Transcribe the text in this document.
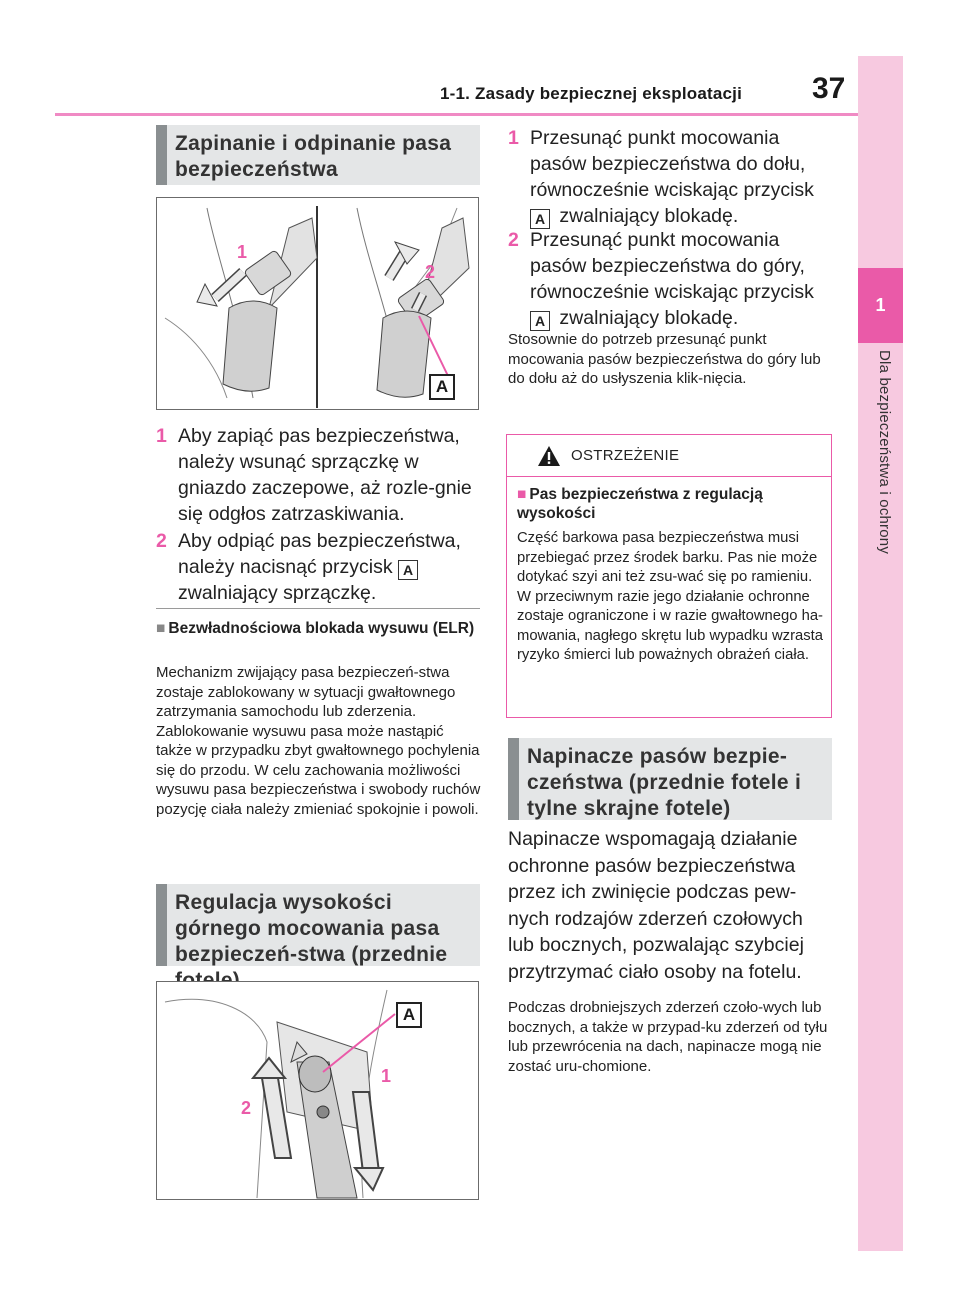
1-1. Zasady bezpiecznej eksploatacji 37
1
Dla bezpieczeństwa i ochrony
Zapinanie i odpinanie pasa bezpieczeństwa
1
2
A
1 Aby zapiąć pas bezpieczeństwa, należy wsunąć sprzączkę w gniazdo zaczepowe, aż rozle-gnie się odgłos zatrzaskiwania.
2 Aby odpiąć pas bezpieczeństwa, należy nacisnąć przycisk A
zwalniający sprzączkę.
■ Bezwładnościowa blokada wysuwu (ELR)
Mechanizm zwijający pasa bezpieczeń-stwa zostaje zablokowany w sytuacji gwałtownego zatrzymania samochodu lub zderzenia. Zablokowanie wysuwu pasa może nastąpić także w przypadku zbyt gwałtownego pochylenia się do przodu. W celu zachowania możliwości wysuwu pasa bezpieczeństwa i swobody ruchów pozycję ciała należy zmieniać spokojnie i powoli.
Regulacja wysokości górnego mocowania pasa bezpieczeń-stwa (przednie
2
1
A
1 Przesunąć punkt mocowania pasów bezpieczeństwa do dołu, równocześnie wciskając przycisk
A zwalniający blokadę.
2 Przesunąć punkt mocowania pasów bezpieczeństwa do góry, równocześnie wciskając przycisk
A zwalniający blokadę.
Stosownie do potrzeb przesunąć punkt mocowania pasów bezpieczeństwa do góry lub do dołu aż do usłyszenia klik-nięcia.
OSTRZEŻENIE
■ Pas bezpieczeństwa z regulacją wysokości
Część barkowa pasa bezpieczeństwa musi przebiegać przez środek barku. Pas nie może dotykać szyi ani też zsu-wać się po ramieniu. W przeciwnym razie jego działanie ochronne zostaje ograniczone i w razie gwałtownego ha-mowania, nagłego skrętu lub wypadku wzrasta ryzyko śmierci lub poważnych obrażeń ciała.
Napinacze pasów bezpie-czeństwa (przednie fotele i tylne skrajne fotele)
Napinacze wspomagają działanie ochronne pasów bezpieczeństwa przez ich zwinięcie podczas pew-nych rodzajów zderzeń czołowych lub bocznych, pozwalając szybciej przytrzymać ciało osoby na fotelu.
Podczas drobniejszych zderzeń czoło-wych lub bocznych, a także w przypad-ku zderzeń od tyłu lub przewrócenia na dach, napinacze mogą nie zostać uru-chomione.
